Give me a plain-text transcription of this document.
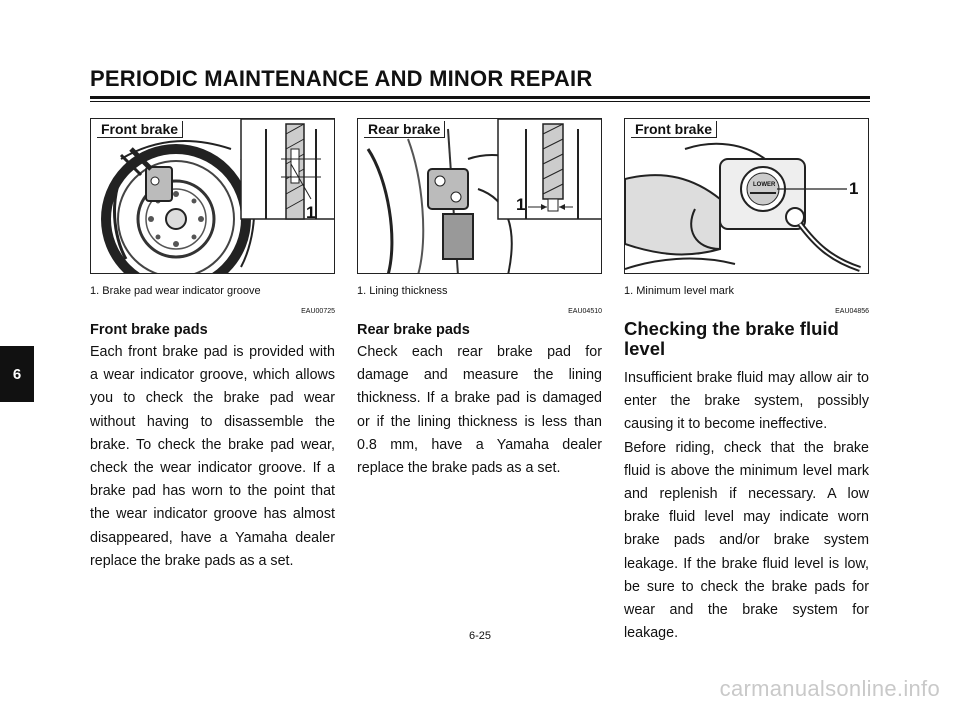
PERIODIC MAINTENANCE AND MINOR REPAIR
6
Front brake
1
Rear brake
1
Front brake
LOWER	1
1. Brake pad wear indicator groove	1. Lining thickness	1. Minimum level mark
EAU00725	EAU04510	EAU04856
Front brake pads

Each front brake pad is provided with a wear indicator groove, which allows you to check the brake pad wear without having to disassemble the brake. To check the brake pad wear, check the wear indicator groove. If a brake pad has worn to the point that the wear indicator groove has almost disappeared, have a Yamaha dealer replace the brake pads as a set.

Rear brake pads

Check each rear brake pad for damage and measure the lining thickness. If a brake pad is damaged or if the lining thickness is less than 0.8 mm, have a Yamaha dealer replace the brake pads as a set.

Checking the brake fluid level

Insufficient brake fluid may allow air to enter the brake system, possibly causing it to become ineffective.

Before riding, check that the brake fluid is above the minimum level mark and replenish if necessary. A low brake fluid level may indicate worn brake pads and/or brake system leakage. If the brake fluid level is low, be sure to check the brake pads for wear and the brake system for leakage.

6-25
carmanualsonline.info
